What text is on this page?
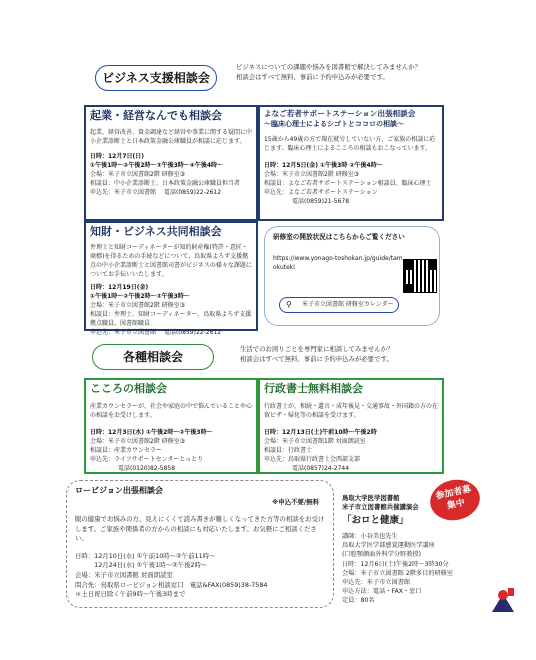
ビジネス支援相談会
ビジネスについての課題や悩みを図書館で解決してみませんか？
相談会はすべて無料、事前に予約申込みが必要です。
起業・経営なんでも相談会

起業、経営改善、資金調達など経営や事業に関する疑問に中小企業診断士と日本政策金融公庫職員が相談に応じます。

日時：12月7日(日)

①午後1時～②午後2時～③午後3時～④午後4時～

会場：米子市立図書館2階 研修室③

相談員：中小企業診断士、日本政策金融公庫職員担当者

申込先：米子市立図書館 電話(0859)22-2612
よなご若者サポートステーション出張相談会
～臨床心理士によるシゴトとココロの相談～

15歳から49歳の方で現在就労していない方、ご家族の相談に応じます。臨床心理士によるこころの相談もおこなっています。

日時：12月5日(金) ①午後3時 ②午後4時～

会場：米子市立図書館2階 研修室③

相談員：よなご若者サポートステーション相談員、臨床心理士

申込先：よなご若者サポートステーション

電話(0859)21-5678

知財・ビジネス共同相談会

弁理士と知財コーディネーターが知的財産権(特許・意匠・商標)を得るための手続などについて、鳥取県よろず支援拠点の中小企業診断士と図書館司書がビジネスの様々な課題についてお手伝いいたします。

日時：12月19日(金)

①午後1時～②午後2時～③午後3時～

会場：米子市立図書館2階 研修室③

相談員：弁理士、知財コーディネーター、鳥取県よろず支援拠点職員、図書館職員

申込先：米子市立図書館 電話(0859)22-2612
研修室の開放状況はこちらからご覧ください
https://www.yonago-toshokan.jp/guide/tamokuteki
⚲ 米子市立図書館 研修室カレンダー
各種相談会
生活でのお困りごとを専門家に相談してみませんか？
相談会はすべて無料、事前に予約申込みが必要です。
こころの相談会

産業カウンセラーが、社会や家庭の中で悩んでいることや心の相談をお受けします。

日時：12月3日(水) ①午後2時～②午後3時～

会場：米子市立図書館2階 研修室③

相談員：産業カウンセラー

申込先：ライフサポートセンターとっとり

電話(0120)82-5858

行政書士無料相談会

行政書士が、相続・遺言・成年後見・交通事故・外国籍の方の在留ビザ・帰化等の相談を受けます。

日時：12月13日(土)午前10時～午後2時

会場：米子市立図書館1階 対面朗読室

相談員：行政書士

申込先：鳥取県行政書士会西部支部

電話(0857)24-2744

ロービジョン出張相談会
※申込不要/無料

眼の健康でお悩みの方、見えにくくて読み書きが難しくなってきた方等の相談をお受けします。ご家族や関係者の方からの相談にも対応いたします。お気軽にご相談ください。

日時：12月10日(水) ①午前10時～②午前11時～

　　　12月24日(水) ①午後1時～②午後2時～

会場：米子市立図書館 対面朗読室

問合先：鳥取県ロービジョン相談窓口　電話&FAX(0859)38-7584

＊土日祝日除く午前9時～午後3時まで

鳥取大学医学図書館
米子市立図書館共催講演会
「おロと健康」

講師：小谷美也先生

鳥取大学医学部感覚運動医学講座

(口腔顎顔面外科学分野教授)

日時：12月6日(土)午後2時～3時30分

会場：米子市立図書館 2階多目的研修室

申込先：米子市立図書館

申込方法：電話・FAX・窓口

定員：80名

参加者募集中
